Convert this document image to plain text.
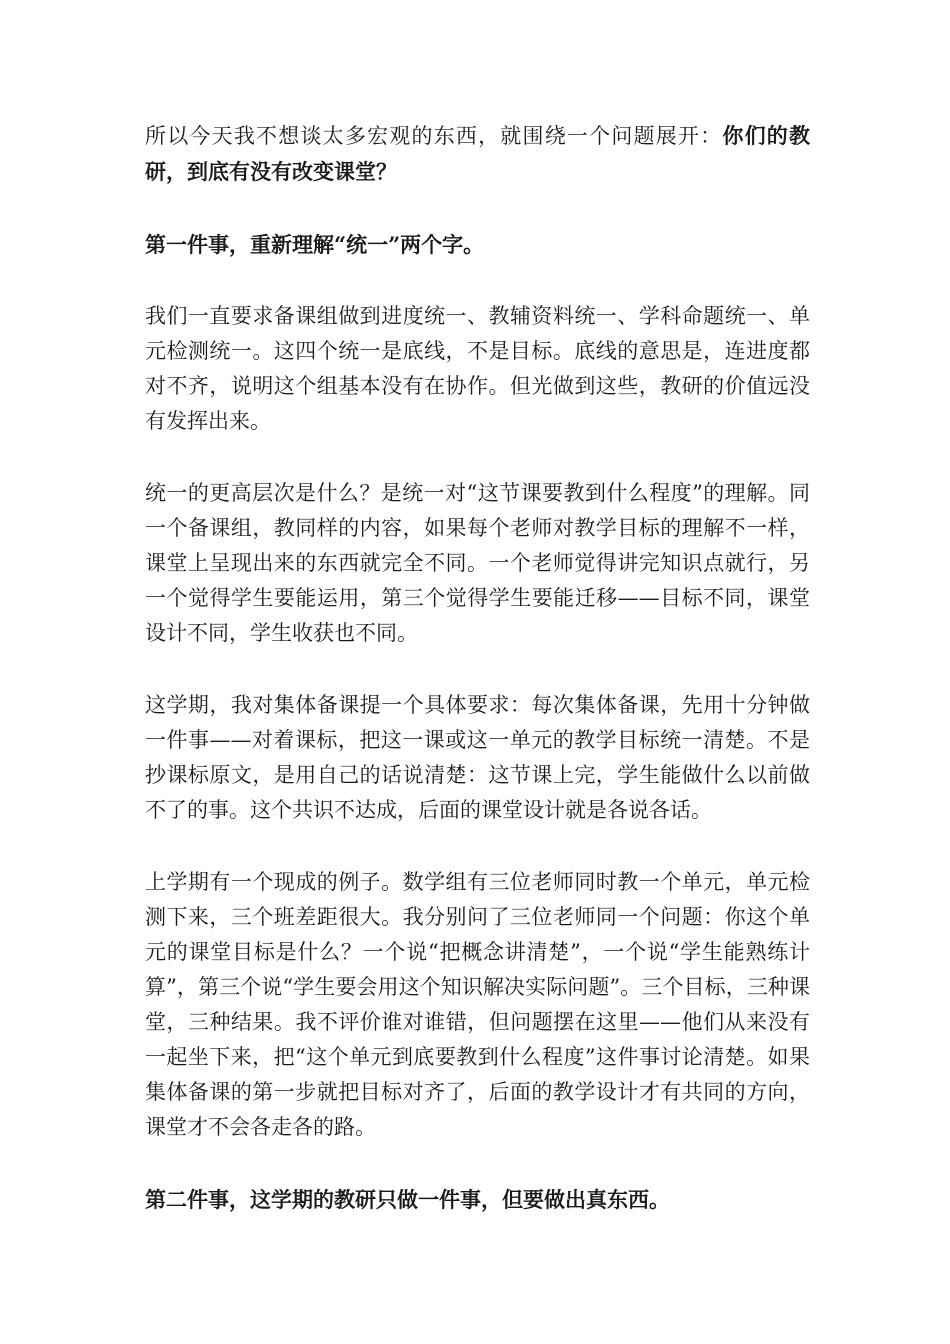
所以今天我不想谈太多宏观的东西，就围绕一个问题展开：你们的教研，到底有没有改变课堂？

第一件事，重新理解“统一”两个字。

我们一直要求备课组做到进度统一、教辅资料统一、学科命题统一、单元检测统一。这四个统一是底线，不是目标。底线的意思是，连进度都对不齐，说明这个组基本没有在协作。但光做到这些，教研的价值远没有发挥出来。

统一的更高层次是什么？是统一对“这节课要教到什么程度”的理解。同一个备课组，教同样的内容，如果每个老师对教学目标的理解不一样，课堂上呈现出来的东西就完全不同。一个老师觉得讲完知识点就行，另一个觉得学生要能运用，第三个觉得学生要能迁移——目标不同，课堂设计不同，学生收获也不同。

这学期，我对集体备课提一个具体要求：每次集体备课，先用十分钟做一件事——对着课标，把这一课或这一单元的教学目标统一清楚。不是抄课标原文，是用自己的话说清楚：这节课上完，学生能做什么以前做不了的事。这个共识不达成，后面的课堂设计就是各说各话。

上学期有一个现成的例子。数学组有三位老师同时教一个单元，单元检测下来，三个班差距很大。我分别问了三位老师同一个问题：你这个单元的课堂目标是什么？一个说“把概念讲清楚”，一个说“学生能熟练计算”，第三个说“学生要会用这个知识解决实际问题”。三个目标，三种课堂，三种结果。我不评价谁对谁错，但问题摆在这里——他们从来没有一起坐下来，把“这个单元到底要教到什么程度”这件事讨论清楚。如果集体备课的第一步就把目标对齐了，后面的教学设计才有共同的方向，课堂才不会各走各的路。

第二件事，这学期的教研只做一件事，但要做出真东西。
